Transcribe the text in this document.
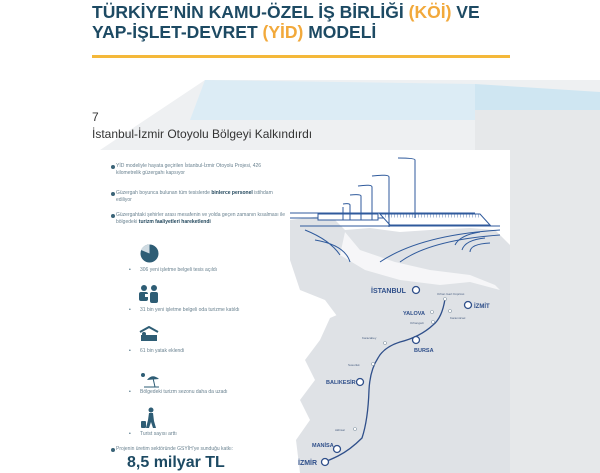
TÜRKİYE’NİN KAMU-ÖZEL İŞ BİRLİĞİ (KÖİ) VE
YAP-İŞLET-DEVRET (YİD) MODELİ
7
İstanbul-İzmir Otoyolu Bölgeyi Kalkındırdı
İSTANBUL
İZMİT
YALOVA
BURSA
BALIKESİR
MANİSA
İZMİR
Orhan Gazi Köprüsü
Karamürsel
Orhangazi
Karacabey
Susurluk
Akhisar
YİD modeliyle hayata geçirilen İstanbul-İzmir Otoyolu Projesi, 426 kilometrelik güzergahı kapsıyor
Güzergah boyunca bulunan tüm tesislerde binlerce personel istihdam ediliyor
Güzergahtaki şehirler arası mesafenin ve yolda geçen zamanın kısalması ile bölgedeki turizm faaliyetleri hareketlendi
• 306 yeni işletme belgeli tesis açıldı
• 31 bin yeni işletme belgeli oda turizme katıldı
• 61 bin yatak eklendi
• Bölgedeki turizm sezonu daha da uzadı
• Turist sayısı arttı
Projenin üretim sektöründe GSYİH’ye sunduğu katkı:
8,5 milyar TL
